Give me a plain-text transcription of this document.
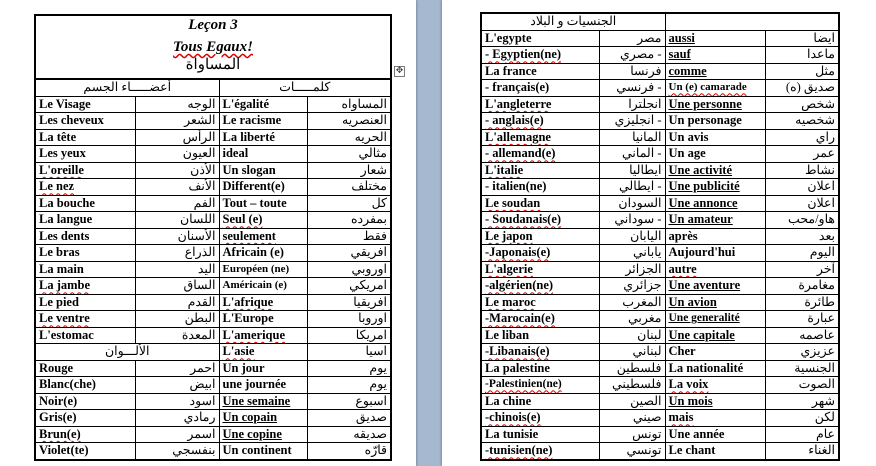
Leçon 3
Tous Egaux!
المساواة	✥
أعضـــــاء الجسم		كلمـــــات	
Le Visage	الوجه	L'égalité	المساواه
Les cheveux	الشعر	Le racisme	العنصريه
La tête	الرأس	La liberté	الحريه
Les yeux	العيون	ideal	مثالي
L'oreille	الأذن	Un slogan	شعار
Le nez	الأنف	Different(e)	مختلف
La bouche	الفم	Tout – toute	كل
La langue	اللسان	Seul (e)	بمفرده
Les dents	الأسنان	seulement	فقط
Le bras	الذراع	Africain (e)	افريقي
La main	اليد	Européen (ne)	اوروبي
La jambe	الساق	Américain (e)	امريكي
Le pied	القدم	L'afrique	افريقيا
Le ventre	البطن	L'Europe	اوروبا
L'estomac	المعدة	L'amerique	امريكا
الألـــوان		L'asie	اسيا
Rouge	احمر	Un jour	يوم
Blanc(che)	ابيض	une journée	يوم
Noir(e)	اسود	Une semaine	اسبوع
Gris(e)	رمادي	Un copain	صديق
Brun(e)	اسمر	Une copine	صديقه
Violet(te)	بنفسجي	Un continent	قارّه
الجنسيات و البلاد			
L'egypte	مصر	aussi	ايضا
- Egyptien(ne)	- مصري	sauf	ماعدا
La france	فرنسا	comme	مثل
- français(e)	- فرنسي	Un (e) camarade	صديق (ه)
L'angleterre	انجلترا	Une personne	شخص
- anglais(e)	- انجليزي	Un personage	شخصيه
L'allemagne	المانيا	Un avis	راي
- allemand(e)	- الماني	Un age	عمر
L'italie	ايطاليا	Une activité	نشاط
- italien(ne)	- ايطالي	Une publicité	اعلان
Le soudan	السودان	Une annonce	اعلان
- Soudanais(e)	- سوداني	Un amateur	هاو/محب
Le japon	اليابان	après	بعد
-Japonais(e)	ياباني	Aujourd'hui	اليوم
L'algerie	الجزائر	autre	آخر
-algérien(ne)	جزائري	Une aventure	مغامرة
Le maroc	المغرب	Un avion	طائرة
-Marocain(e)	مغربي	Une generalité	عبارة
Le liban	لبنان	Une capitale	عاصمه
-Libanais(e)	لبناني	Cher	عزيزي
La palestine	فلسطين	La nationalité	الجنسية
-Palestinien(ne)	فلسطيني	La voix	الصوت
La chine	الصين	Un mois	شهر
-chinois(e)	صيني	mais	لكن
La tunisie	تونس	Une année	عام
-tunisien(ne)	تونسي	Le chant	الغناء
